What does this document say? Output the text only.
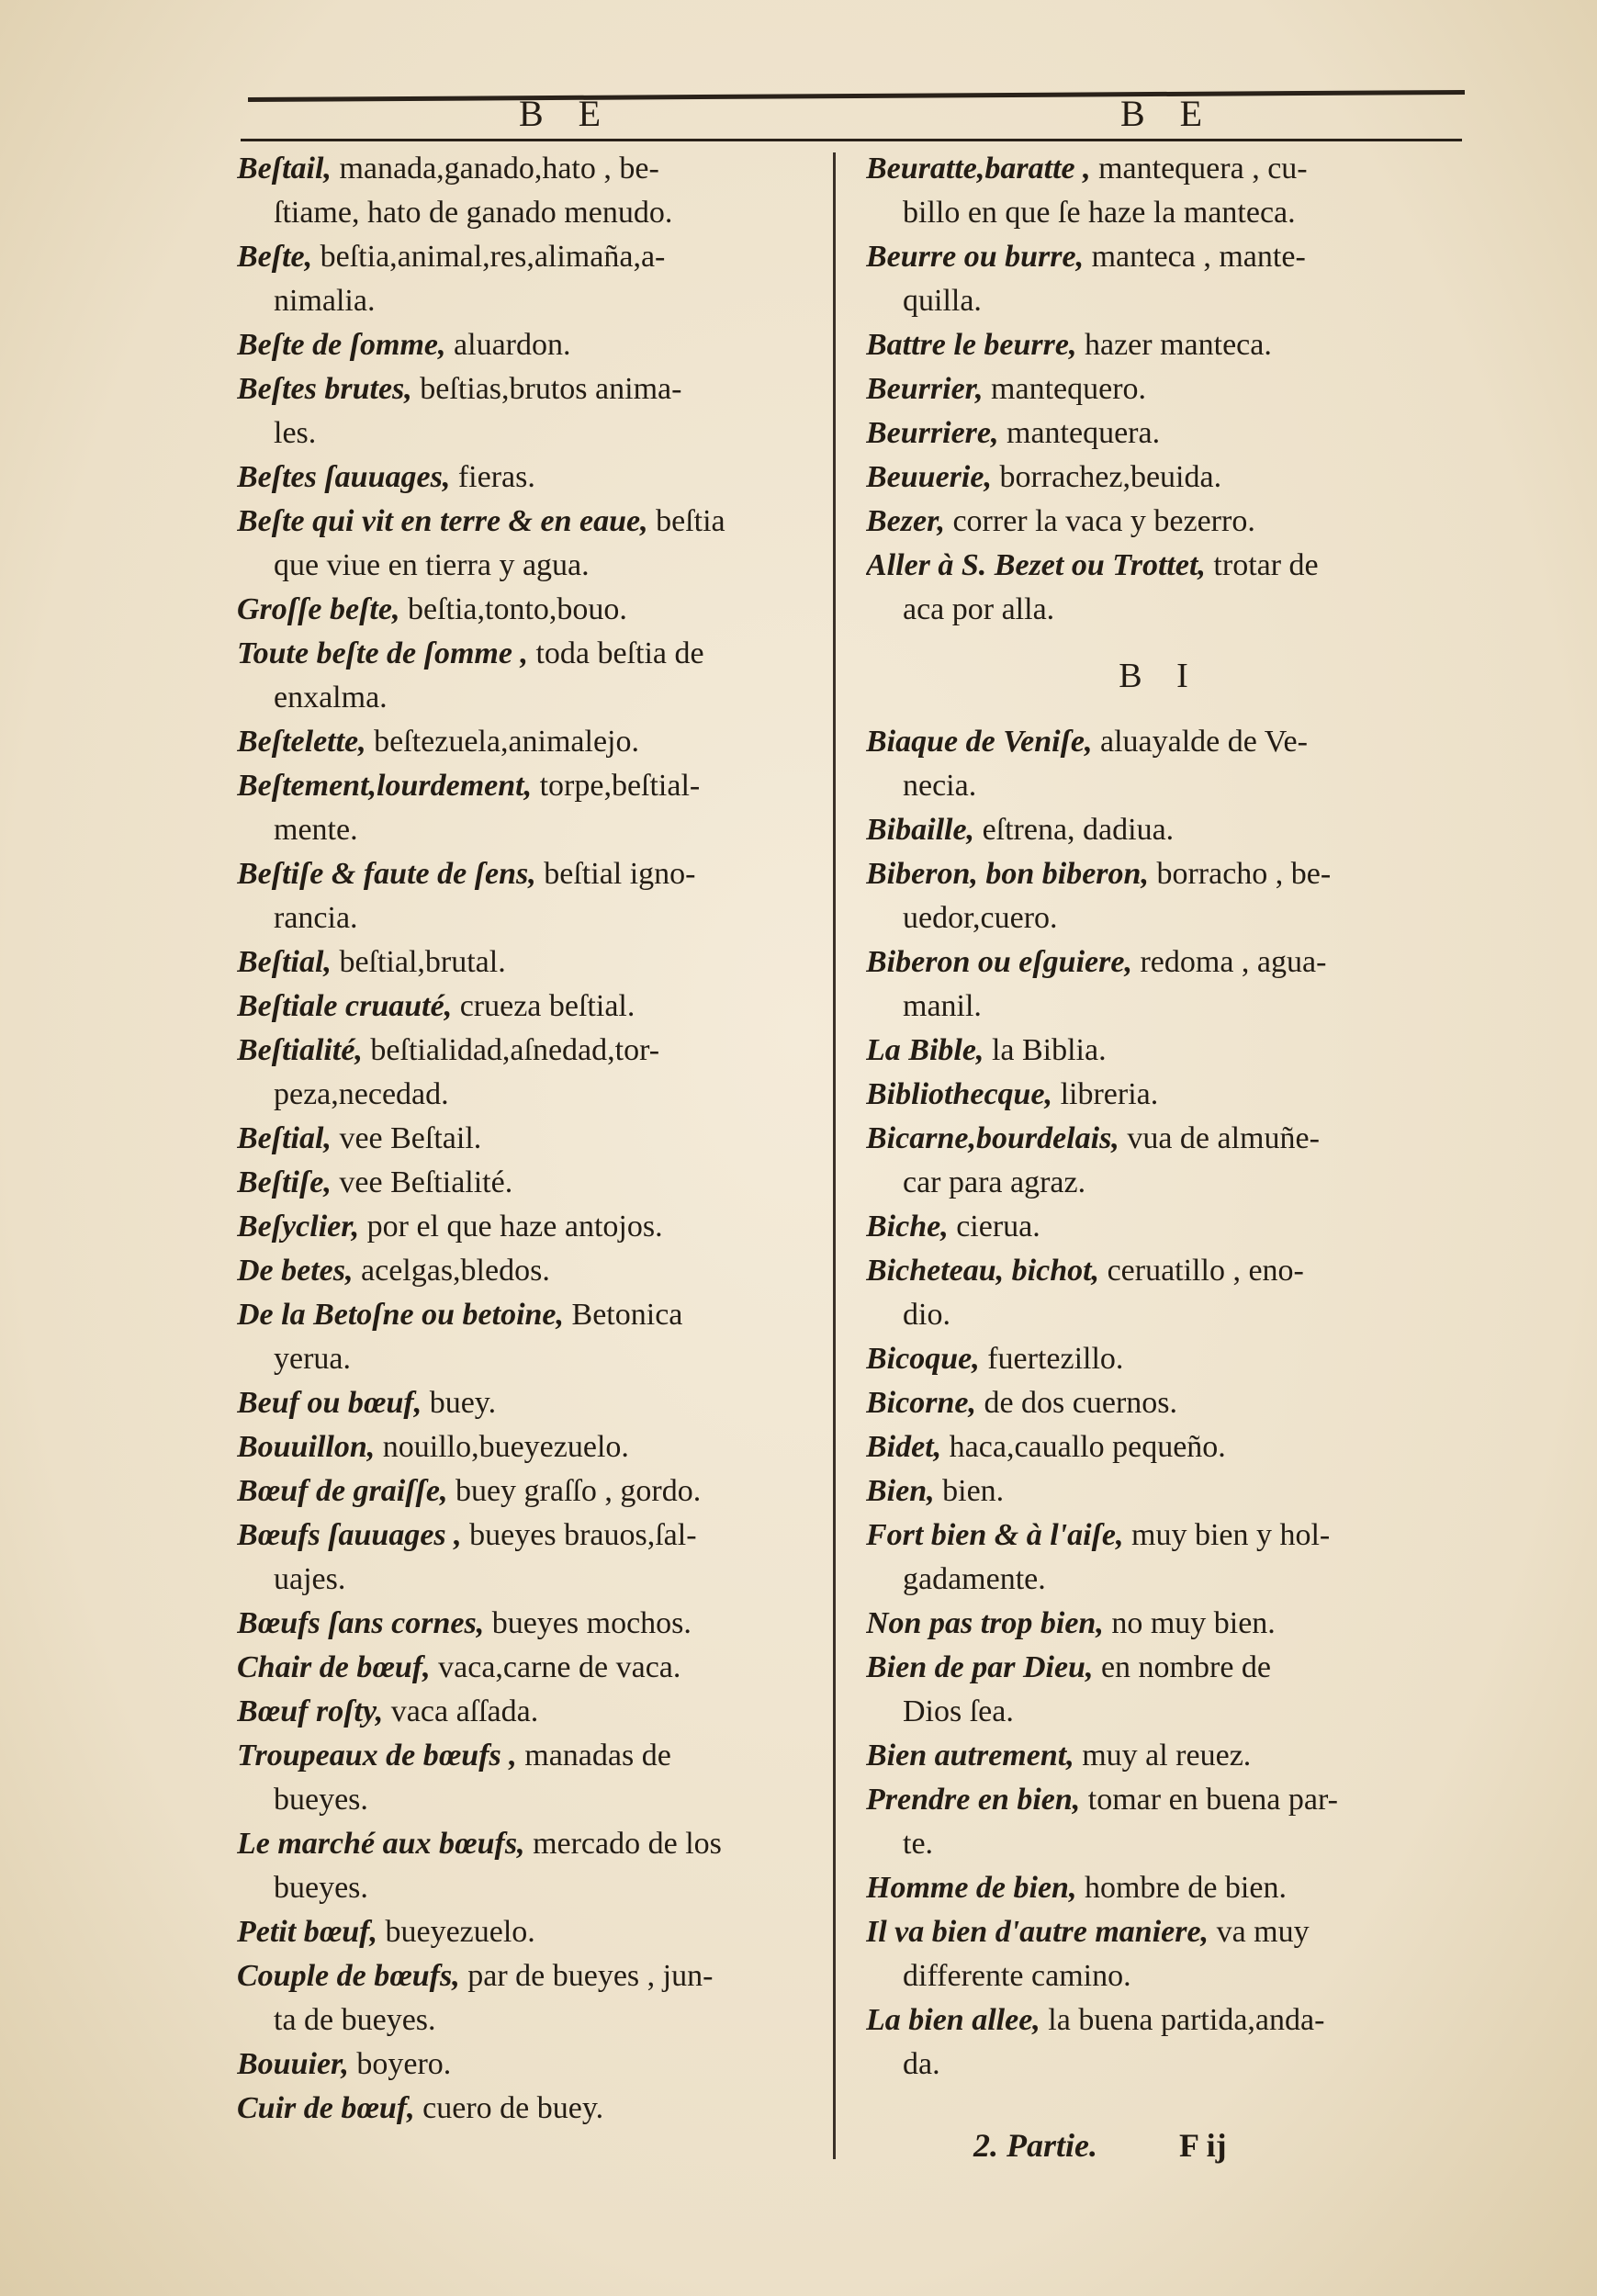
B E	B E
Beſtail, manada,ganado,hato , be-
ſtiame, hato de ganado menudo.
Beſte, beſtia,animal,res,alimaña,a-
nimalia.
Beſte de ſomme, aluardon.
Beſtes brutes, beſtias,brutos anima-
les.
Beſtes ſauuages, fieras.
Beſte qui vit en terre & en eaue, beſtia
que viue en tierra y agua.
Groſſe beſte, beſtia,tonto,bouo.
Toute beſte de ſomme , toda beſtia de
enxalma.
Beſtelette, beſtezuela,animalejo.
Beſtement,lourdement, torpe,beſtial-
mente.
Beſtiſe & faute de ſens, beſtial igno-
rancia.
Beſtial, beſtial,brutal.
Beſtiale cruauté, crueza beſtial.
Beſtialité, beſtialidad,aſnedad,tor-
peza,necedad.
Beſtial, vee Beſtail.
Beſtiſe, vee Beſtialité.
Beſyclier, por el que haze antojos.
De betes, acelgas,bledos.
De la Betoſne ou betoine, Betonica
yerua.
Beuf ou bœuf, buey.
Bouuillon, nouillo,bueyezuelo.
Bœuf de graiſſe, buey graſſo , gordo.
Bœufs ſauuages , bueyes brauos,ſal-
uajes.
Bœufs ſans cornes, bueyes mochos.
Chair de bœuf, vaca,carne de vaca.
Bœuf roſty, vaca aſſada.
Troupeaux de bœufs , manadas de
bueyes.
Le marché aux bœufs, mercado de los
bueyes.
Petit bœuf, bueyezuelo.
Couple de bœufs, par de bueyes , jun-
ta de bueyes.
Bouuier, boyero.
Cuir de bœuf, cuero de buey.
Beuratte,baratte , mantequera , cu-
billo en que ſe haze la manteca.
Beurre ou burre, manteca , mante-
quilla.
Battre le beurre, hazer manteca.
Beurrier, mantequero.
Beurriere, mantequera.
Beuuerie, borrachez,beuida.
Bezer, correr la vaca y bezerro.
Aller à S. Bezet ou Trottet, trotar de
aca por alla.
B I
Biaque de Veniſe, aluayalde de Ve-
necia.
Bibaille, eſtrena, dadiua.
Biberon, bon biberon, borracho , be-
uedor,cuero.
Biberon ou eſguiere, redoma , agua-
manil.
La Bible, la Biblia.
Bibliothecque, libreria.
Bicarne,bourdelais, vua de almuñe-
car para agraz.
Biche, cierua.
Bicheteau, bichot, ceruatillo , eno-
dio.
Bicoque, fuertezillo.
Bicorne, de dos cuernos.
Bidet, haca,cauallo pequeño.
Bien, bien.
Fort bien & à l'aiſe, muy bien y hol-
gadamente.
Non pas trop bien, no muy bien.
Bien de par Dieu, en nombre de
Dios ſea.
Bien autrement, muy al reuez.
Prendre en bien, tomar en buena par-
te.
Homme de bien, hombre de bien.
Il va bien d'autre maniere, va muy
differente camino.
La bien allee, la buena partida,anda-
da.
2. Partie. F ij
